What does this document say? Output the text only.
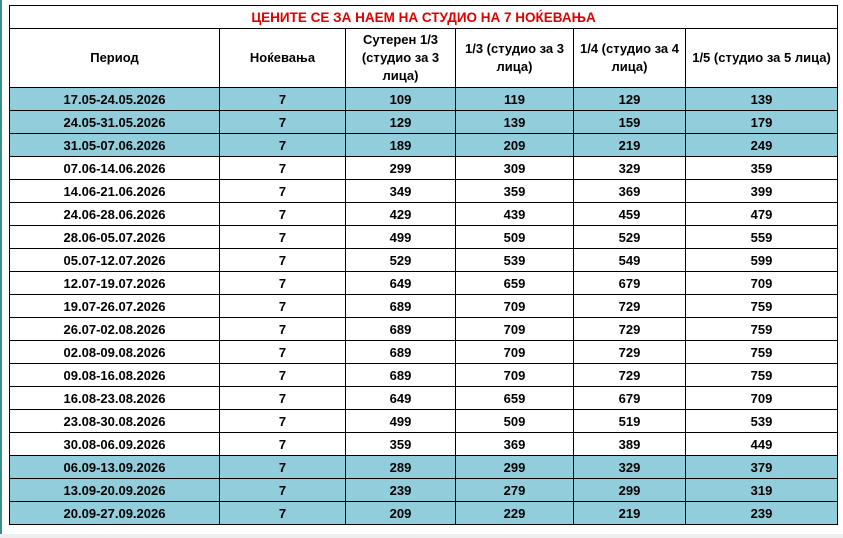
ЦЕНИТЕ СЕ ЗА НАЕМ НА СТУДИО НА 7 НОЌЕВАЊА					
Период	Ноќевања	Сутерен 1/3 (студио за 3 лица)	1/3 (студио за 3 лица)	1/4 (студио за 4 лица)	1/5 (студио за 5 лица)
17.05-24.05.2026	7	109	119	129	139
24.05-31.05.2026	7	129	139	159	179
31.05-07.06.2026	7	189	209	219	249
07.06-14.06.2026	7	299	309	329	359
14.06-21.06.2026	7	349	359	369	399
24.06-28.06.2026	7	429	439	459	479
28.06-05.07.2026	7	499	509	529	559
05.07-12.07.2026	7	529	539	549	599
12.07-19.07.2026	7	649	659	679	709
19.07-26.07.2026	7	689	709	729	759
26.07-02.08.2026	7	689	709	729	759
02.08-09.08.2026	7	689	709	729	759
09.08-16.08.2026	7	689	709	729	759
16.08-23.08.2026	7	649	659	679	709
23.08-30.08.2026	7	499	509	519	539
30.08-06.09.2026	7	359	369	389	449
06.09-13.09.2026	7	289	299	329	379
13.09-20.09.2026	7	239	279	299	319
20.09-27.09.2026	7	209	229	219	239
